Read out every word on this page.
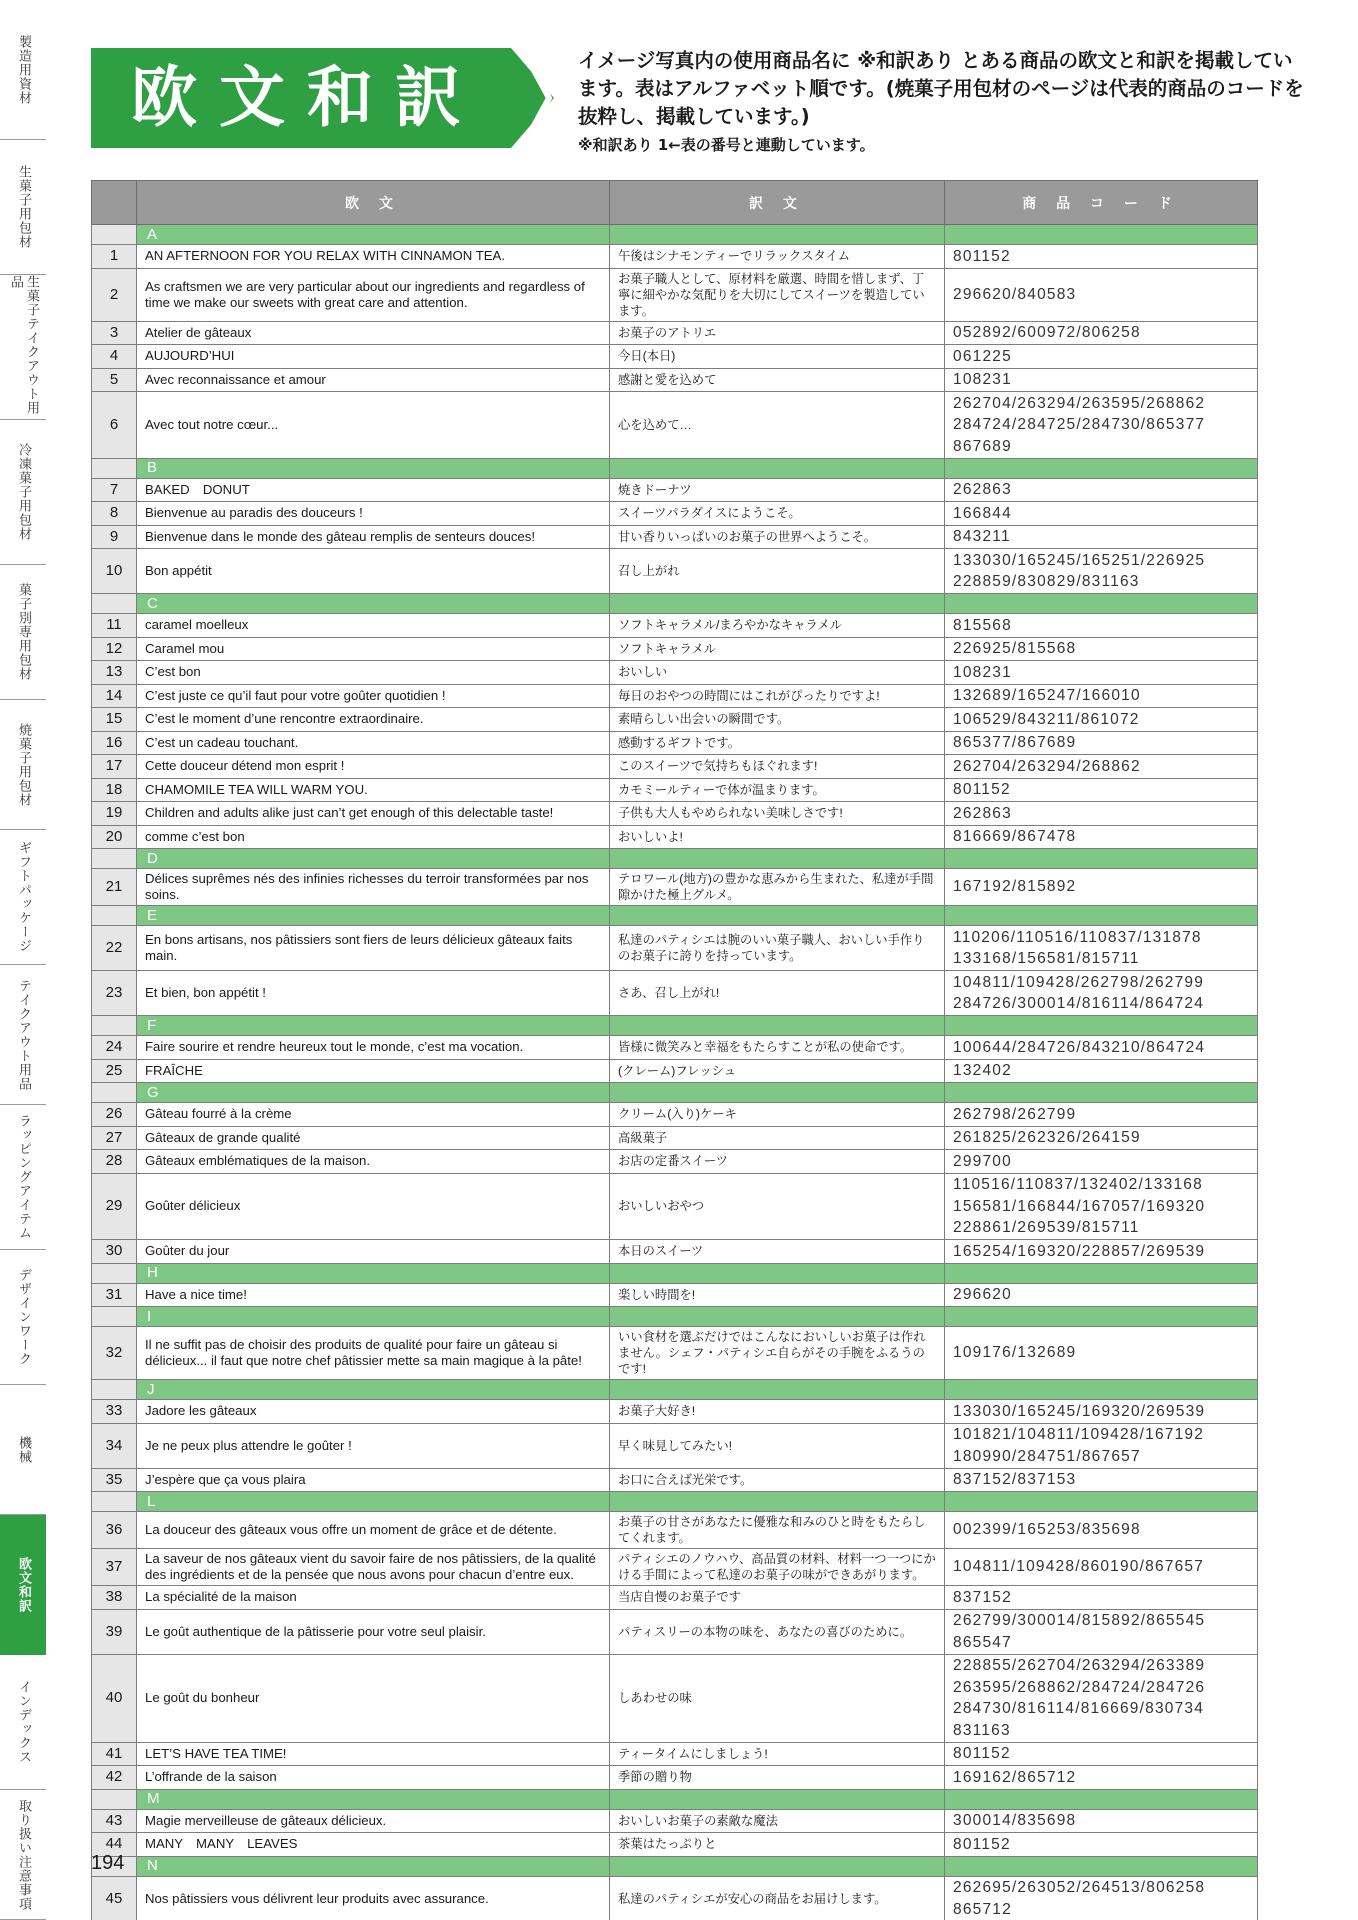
製造用資材
生菓子用包材
生菓子テイクアウト用品
冷凍菓子用包材
菓子別専用包材
焼菓子用包材
ギフトパッケージ
テイクアウト用品
ラッピングアイテム
デザインワーク
機械
欧文和訳
インデックス
取り扱い注意事項
欧文和訳	イメージ写真内の使用商品名に ※和訳あり とある商品の欧文と和訳を掲載しています。表はアルファベット順です。(焼菓子用包材のページは代表的商品のコードを抜粋し、掲載しています。)
※和訳あり 1←表の番号と連動しています。
	欧 文	訳 文	商 品 コ ー ド
	A		
1	AN AFTERNOON FOR YOU RELAX WITH CINNAMON TEA.	午後はシナモンティーでリラックスタイム	801152

2	As craftsmen we are very particular about our ingredients and regardless of time we make our sweets with great care and attention.	お菓子職人として、原材料を厳選、時間を惜しまず、丁寧に細やかな気配りを大切にしてスイーツを製造しています。	296620/840583

3	Atelier de gâteaux	お菓子のアトリエ	052892/600972/806258

4	AUJOURD’HUI	今日(本日)	061225

5	Avec reconnaissance et amour	感謝と愛を込めて	108231

6	Avec tout notre cœur...	心を込めて…	262704/263294/263595/268862
284724/284725/284730/865377
867689

	B		
7	BAKED　DONUT	焼きドーナツ	262863

8	Bienvenue au paradis des douceurs !	スイーツパラダイスにようこそ。	166844

9	Bienvenue dans le monde des gâteau remplis de senteurs douces!	甘い香りいっぱいのお菓子の世界へようこそ。	843211

10	Bon appétit	召し上がれ	133030/165245/165251/226925
228859/830829/831163

	C		
11	caramel moelleux	ソフトキャラメル/まろやかなキャラメル	815568

12	Caramel mou	ソフトキャラメル	226925/815568

13	C’est bon	おいしい	108231

14	C’est juste ce qu’il faut pour votre goûter quotidien !	毎日のおやつの時間にはこれがぴったりですよ!	132689/165247/166010

15	C’est le moment d’une rencontre extraordinaire.	素晴らしい出会いの瞬間です。	106529/843211/861072

16	C’est un cadeau touchant.	感動するギフトです。	865377/867689

17	Cette douceur détend mon esprit !	このスイーツで気持ちもほぐれます!	262704/263294/268862

18	CHAMOMILE TEA WILL WARM YOU.	カモミールティーで体が温まります。	801152

19	Children and adults alike just can’t get enough of this delectable taste!	子供も大人もやめられない美味しさです!	262863

20	comme c’est bon	おいしいよ!	816669/867478

	D		
21	Délices suprêmes nés des infinies richesses du terroir transformées par nos soins.	テロワール(地方)の豊かな恵みから生まれた、私達が手間隙かけた極上グルメ。	167192/815892

	E		
22	En bons artisans, nos pâtissiers sont fiers de leurs délicieux gâteaux faits main.	私達のパティシエは腕のいい菓子職人、おいしい手作りのお菓子に誇りを持っています。	110206/110516/110837/131878
133168/156581/815711

23	Et bien, bon appétit !	さあ、召し上がれ!	104811/109428/262798/262799
284726/300014/816114/864724

	F		
24	Faire sourire et rendre heureux tout le monde, c’est ma vocation.	皆様に微笑みと幸福をもたらすことが私の使命です。	100644/284726/843210/864724

25	FRAÎCHE	(クレーム)フレッシュ	132402

	G		
26	Gâteau fourré à la crème	クリーム(入り)ケーキ	262798/262799

27	Gâteaux de grande qualité	高級菓子	261825/262326/264159

28	Gâteaux emblématiques de la maison.	お店の定番スイーツ	299700

29	Goûter délicieux	おいしいおやつ	110516/110837/132402/133168
156581/166844/167057/169320
228861/269539/815711

30	Goûter du jour	本日のスイーツ	165254/169320/228857/269539

	H		
31	Have a nice time!	楽しい時間を!	296620

	I		
32	Il ne suffit pas de choisir des produits de qualité pour faire un gâteau si délicieux... il faut que notre chef pâtissier mette sa main magique à la pâte!	いい食材を選ぶだけではこんなにおいしいお菓子は作れません。シェフ・パティシエ自らがその手腕をふるうのです!	109176/132689

	J		
33	Jadore les gâteaux	お菓子大好き!	133030/165245/169320/269539

34	Je ne peux plus attendre le goûter !	早く味見してみたい!	101821/104811/109428/167192
180990/284751/867657

35	J’espère que ça vous plaira	お口に合えば光栄です。	837152/837153

	L		
36	La douceur des gâteaux vous offre un moment de grâce et de détente.	お菓子の甘さがあなたに優雅な和みのひと時をもたらしてくれます。	002399/165253/835698

37	La saveur de nos gâteaux vient du savoir faire de nos pâtissiers, de la qualité des ingrédients et de la pensée que nous avons pour chacun d’entre eux.	パティシエのノウハウ、高品質の材料、材料一つ一つにかける手間によって私達のお菓子の味ができあがります。	104811/109428/860190/867657

38	La spécialité de la maison	当店自慢のお菓子です	837152

39	Le goût authentique de la pâtisserie pour votre seul plaisir.	パティスリーの本物の味を、あなたの喜びのために。	262799/300014/815892/865545
865547

40	Le goût du bonheur	しあわせの味	228855/262704/263294/263389
263595/268862/284724/284726
284730/816114/816669/830734
831163

41	LET’S HAVE TEA TIME!	ティータイムにしましょう!	801152

42	L’offrande de la saison	季節の贈り物	169162/865712

	M		
43	Magie merveilleuse de gâteaux délicieux.	おいしいお菓子の素敵な魔法	300014/835698

44	MANY　MANY　LEAVES	茶葉はたっぷりと	801152

	N		
45	Nos pâtissiers vous délivrent leur produits avec assurance.	私達のパティシエが安心の商品をお届けします。	262695/263052/264513/806258
865712
194
